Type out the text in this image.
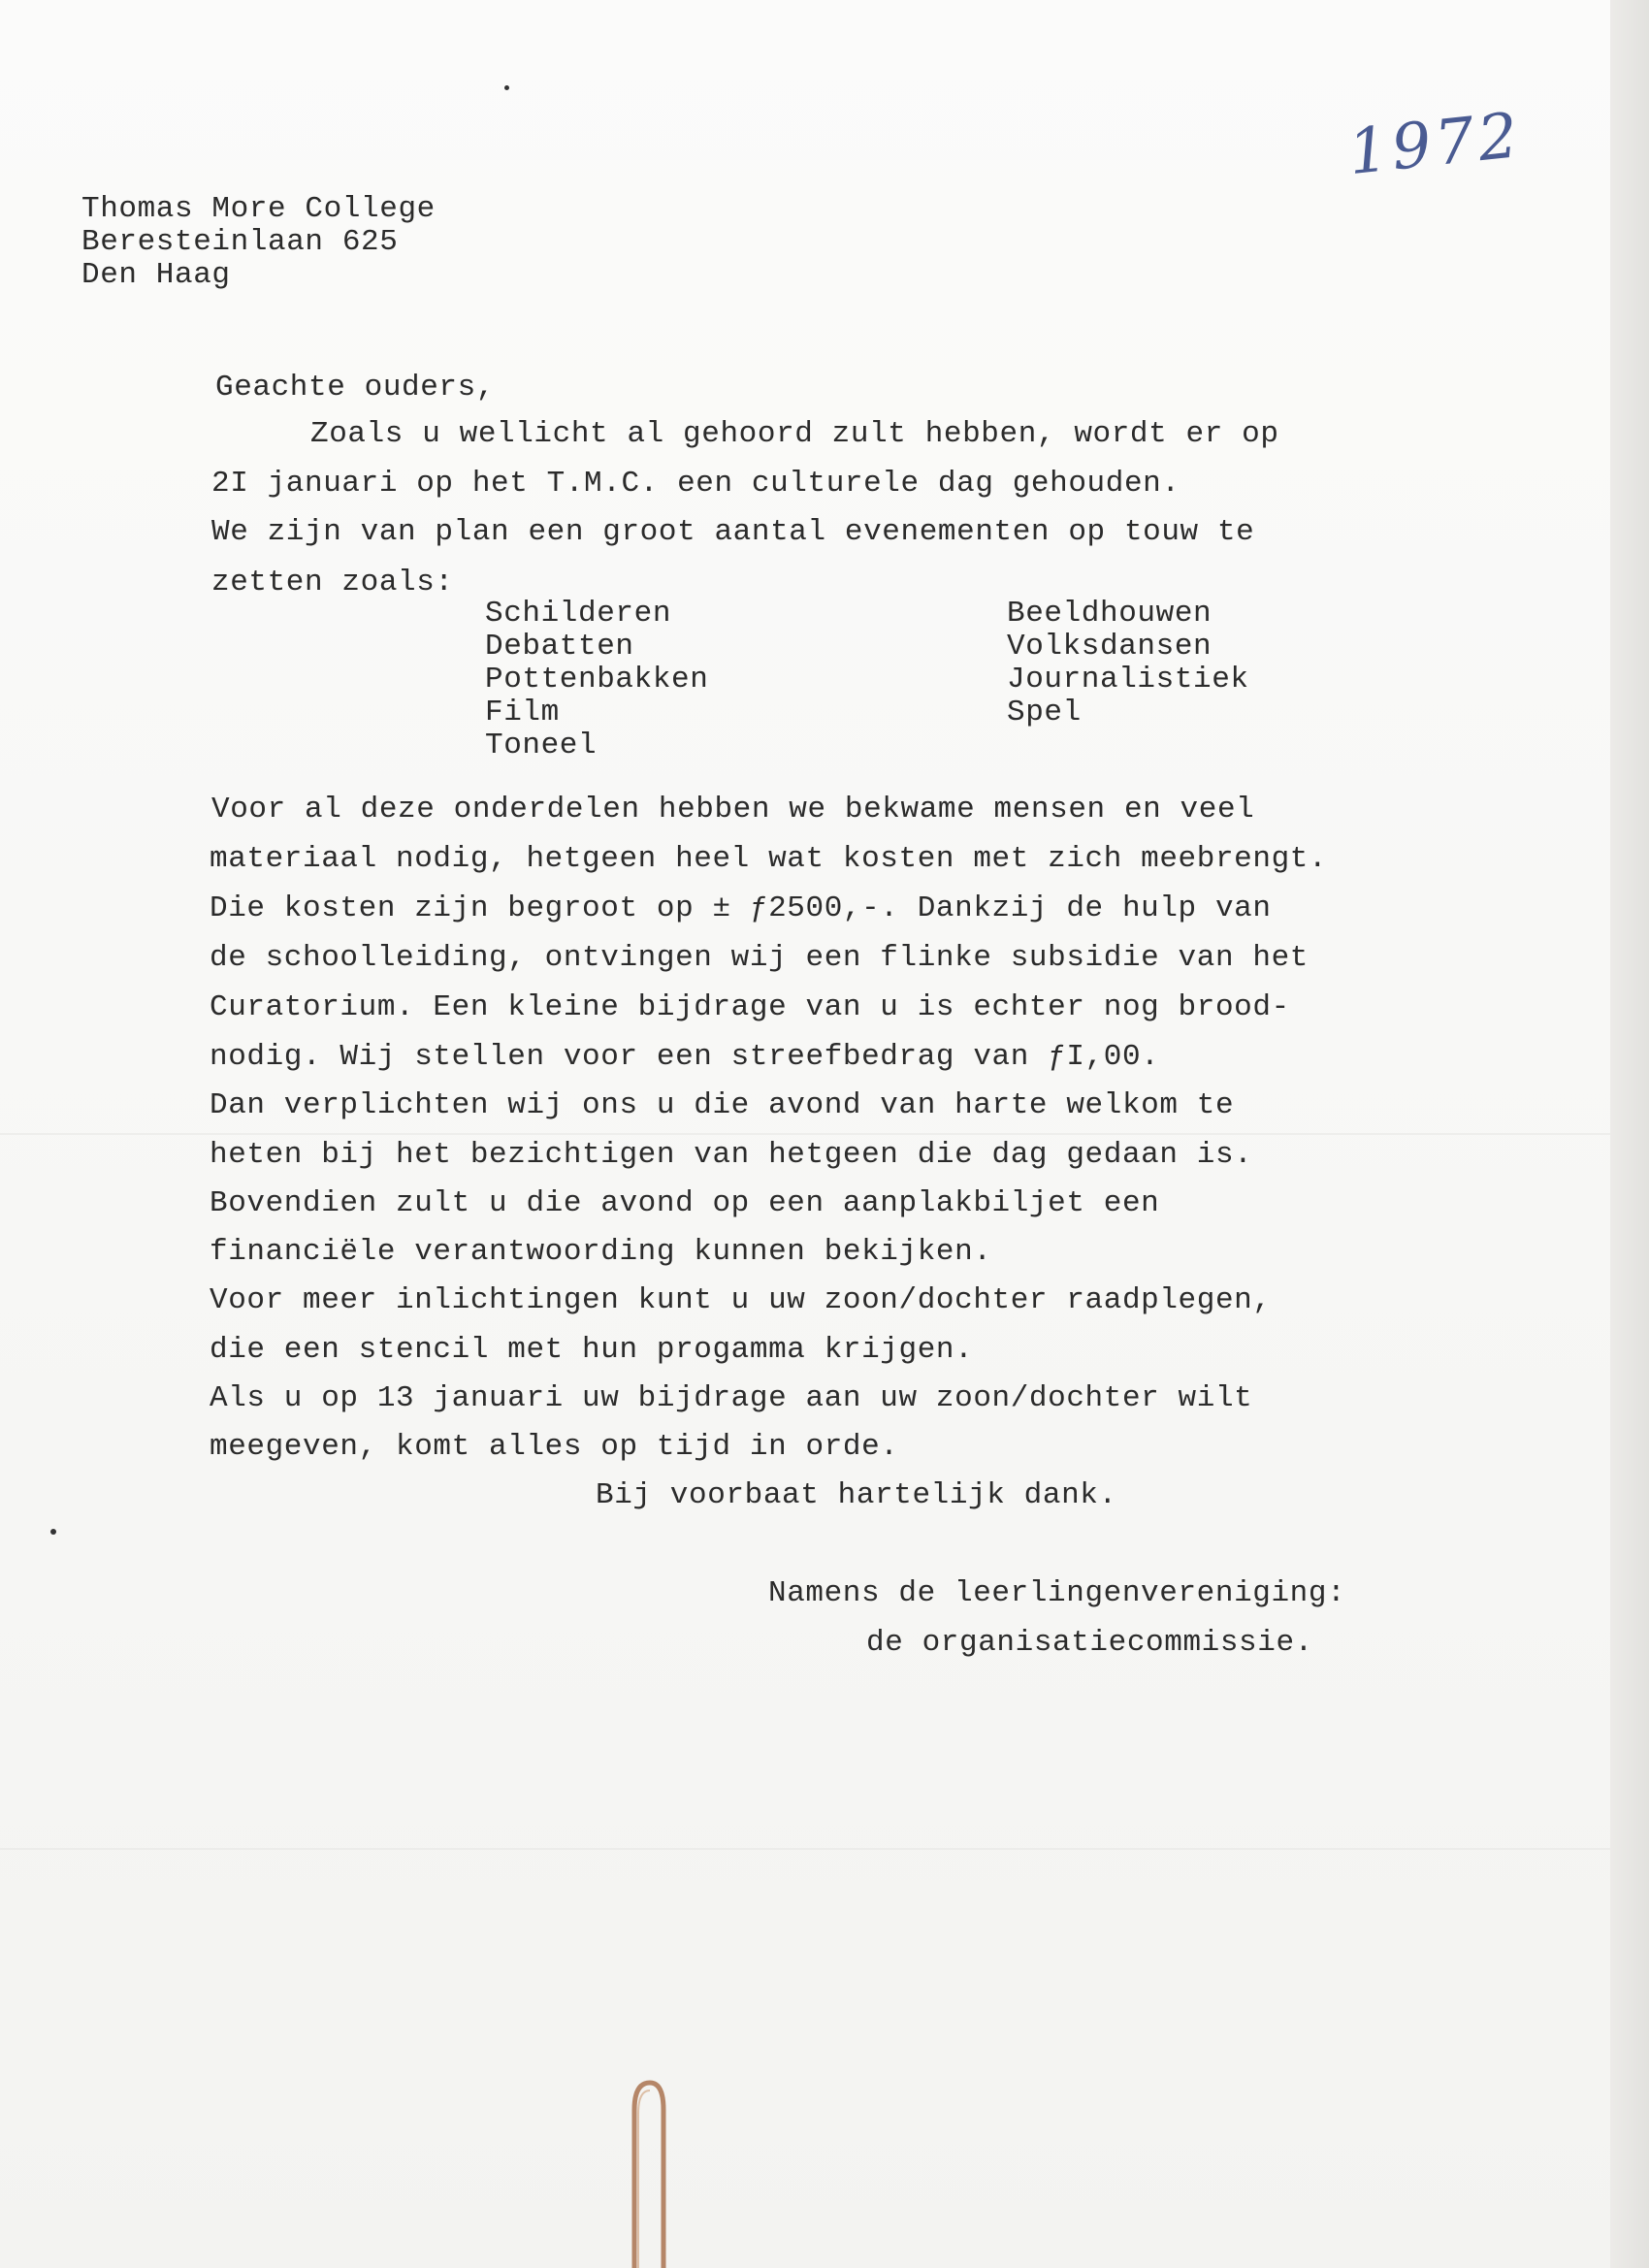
1972
Thomas More College
Beresteinlaan 625
Den Haag
Geachte ouders,
Zoals u wellicht al gehoord zult hebben, wordt er op
2I januari op het T.M.C. een culturele dag gehouden.
We zijn van plan een groot aantal evenementen op touw te
zetten zoals:
Schilderen
Debatten
Pottenbakken
Film
Toneel
Beeldhouwen
Volksdansen
Journalistiek
Spel
Voor al deze onderdelen hebben we bekwame mensen en veel
materiaal nodig, hetgeen heel wat kosten met zich meebrengt.
Die kosten zijn begroot op ± ƒ2500,-. Dankzij de hulp van
de schoolleiding, ontvingen wij een flinke subsidie van het
Curatorium. Een kleine bijdrage van u is echter nog brood-
nodig. Wij stellen voor een streefbedrag van ƒI,00.
Dan verplichten wij ons u die avond van harte welkom te
heten bij het bezichtigen van hetgeen die dag gedaan is.
Bovendien zult u die avond op een aanplakbiljet een
financiële verantwoording kunnen bekijken.
Voor meer inlichtingen kunt u uw zoon/dochter raadplegen,
die een stencil met hun progamma krijgen.
Als u op 13 januari uw bijdrage aan uw zoon/dochter wilt
meegeven, komt alles op tijd in orde.
Bij voorbaat hartelijk dank.
Namens de leerlingenvereniging:
de organisatiecommissie.
